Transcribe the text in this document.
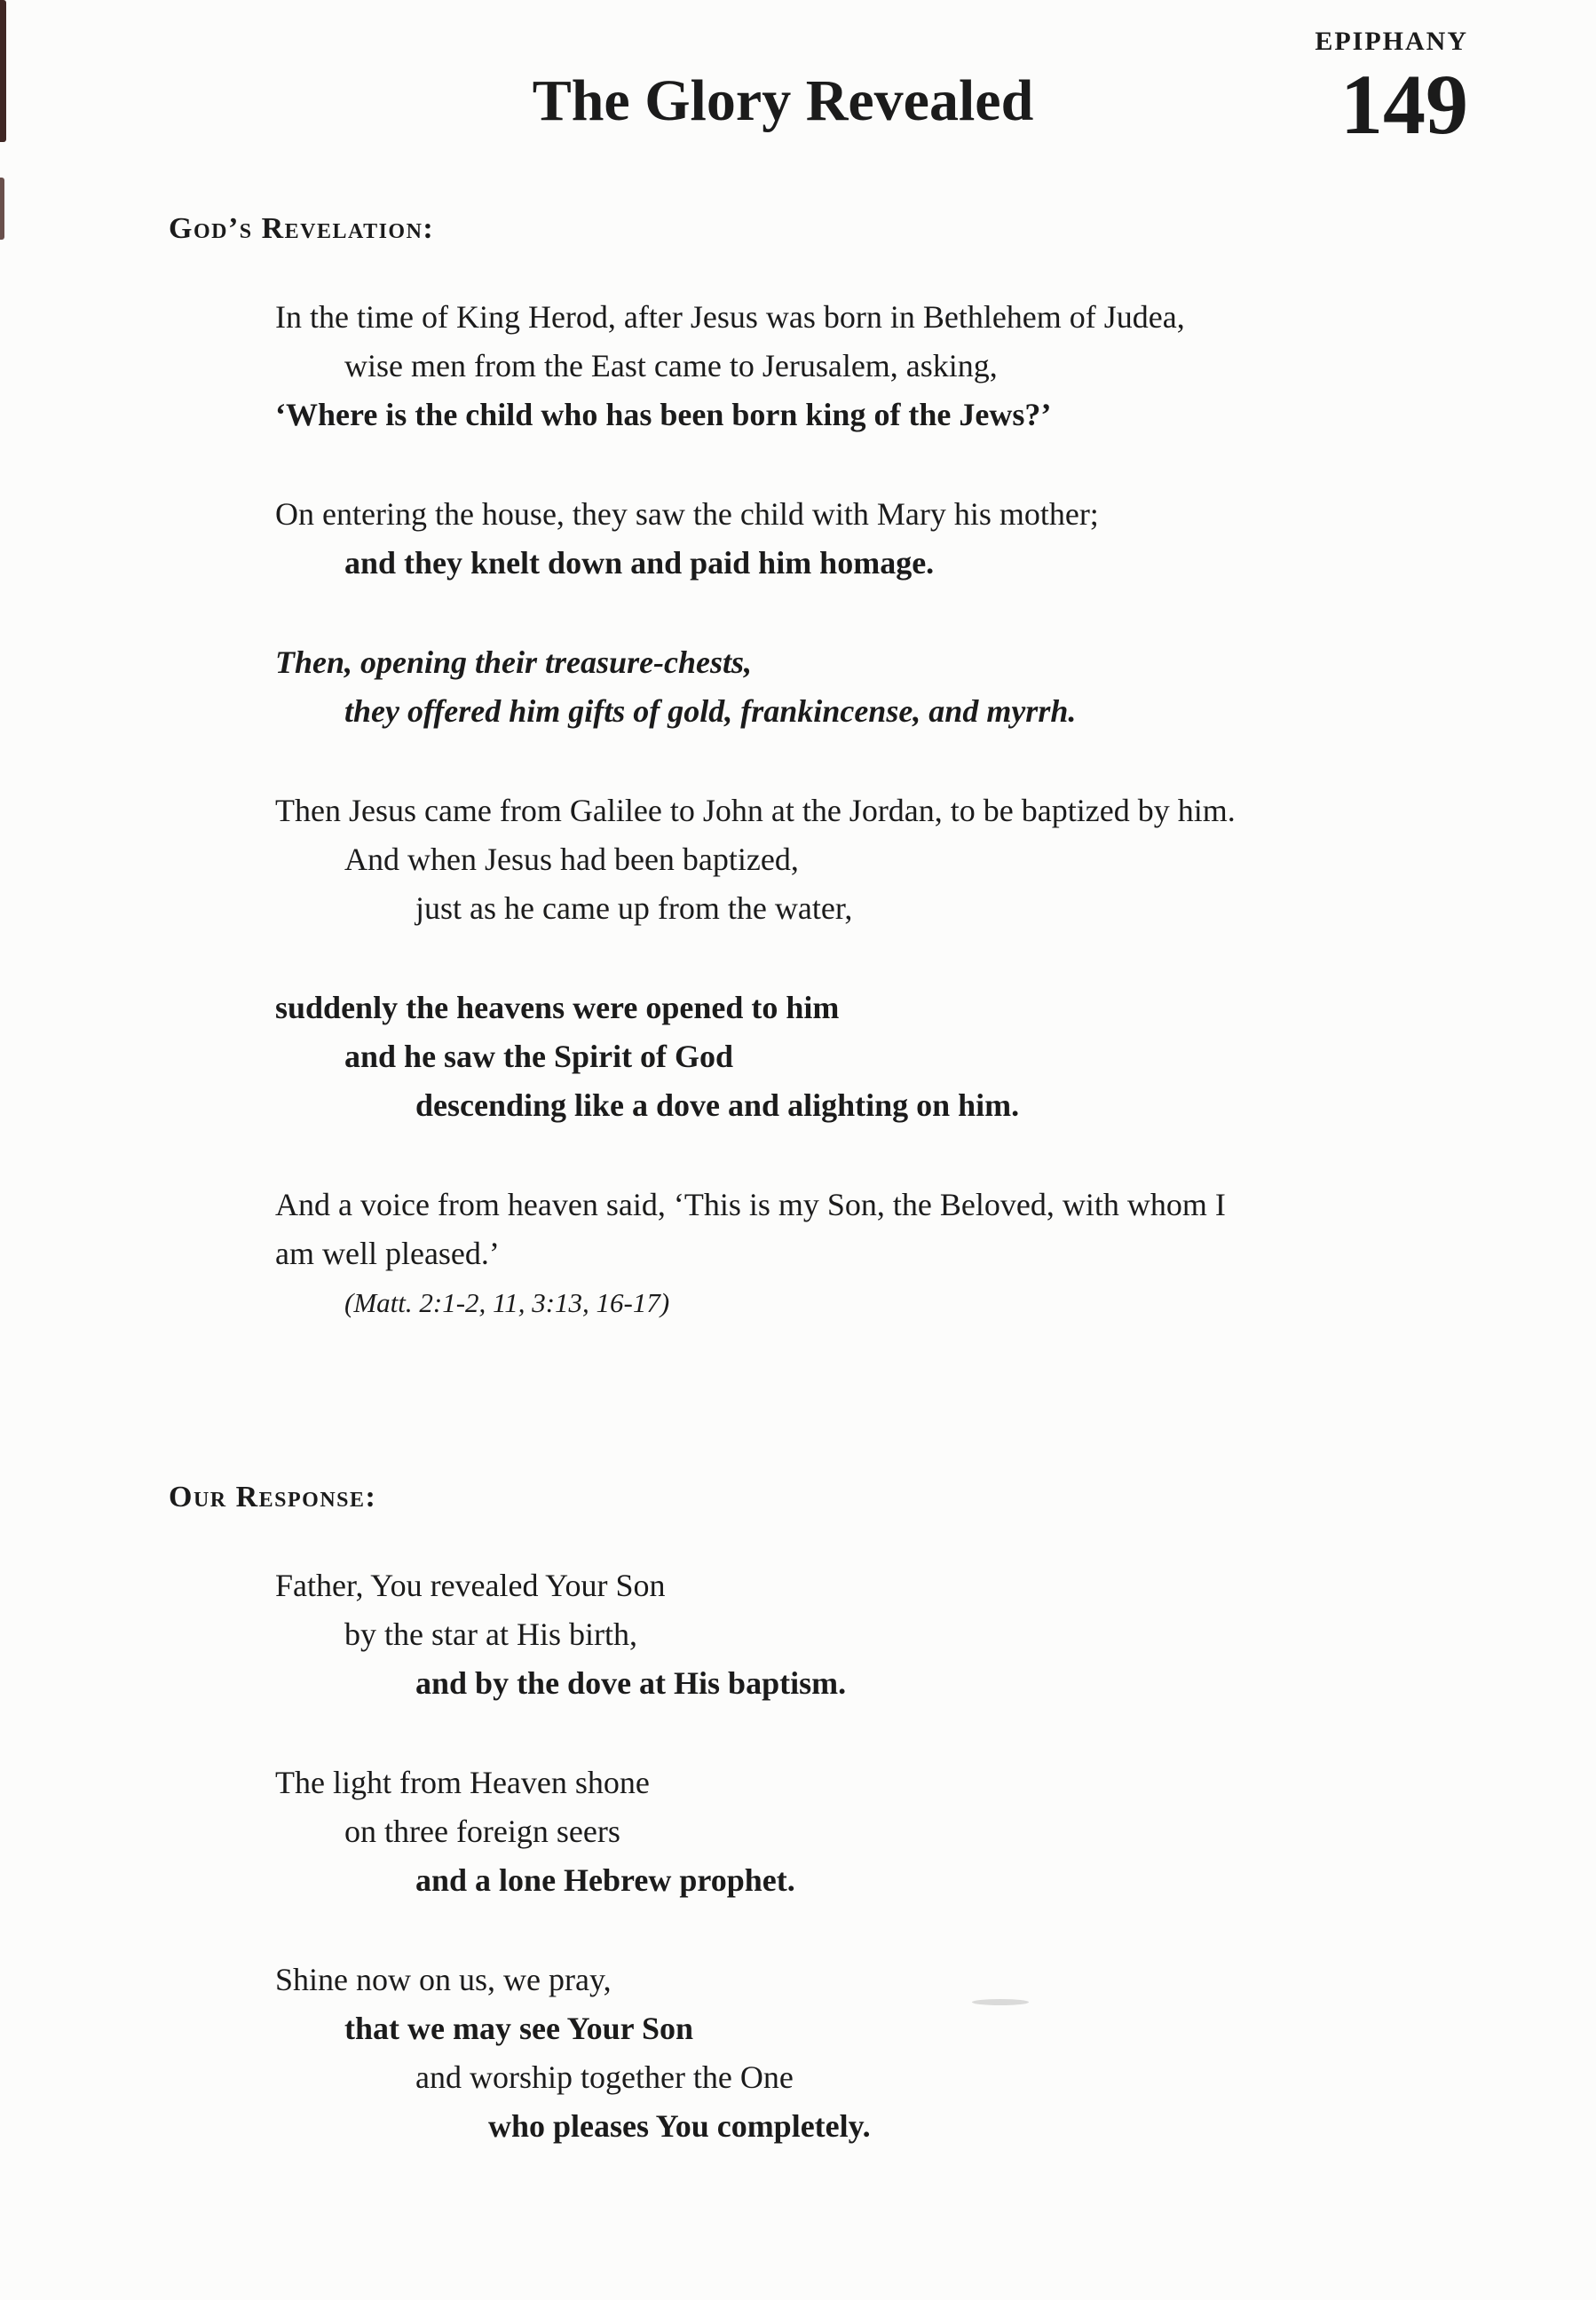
EPIPHANY
149
The Glory Revealed
God’s Revelation:
In the time of King Herod, after Jesus was born in Bethlehem of Judea,
wise men from the East came to Jerusalem, asking,
‘Where is the child who has been born king of the Jews?’
On entering the house, they saw the child with Mary his mother;
and they knelt down and paid him homage.
Then, opening their treasure-chests,
they offered him gifts of gold, frankincense, and myrrh.
Then Jesus came from Galilee to John at the Jordan, to be baptized by him.
And when Jesus had been baptized,
just as he came up from the water,
suddenly the heavens were opened to him
and he saw the Spirit of God
descending like a dove and alighting on him.
And a voice from heaven said, ‘This is my Son, the Beloved, with whom I
am well pleased.’
(Matt. 2:1-2, 11, 3:13, 16-17)
Our Response:
Father, You revealed Your Son
by the star at His birth,
and by the dove at His baptism.
The light from Heaven shone
on three foreign seers
and a lone Hebrew prophet.
Shine now on us, we pray,
that we may see Your Son
and worship together the One
who pleases You completely.
